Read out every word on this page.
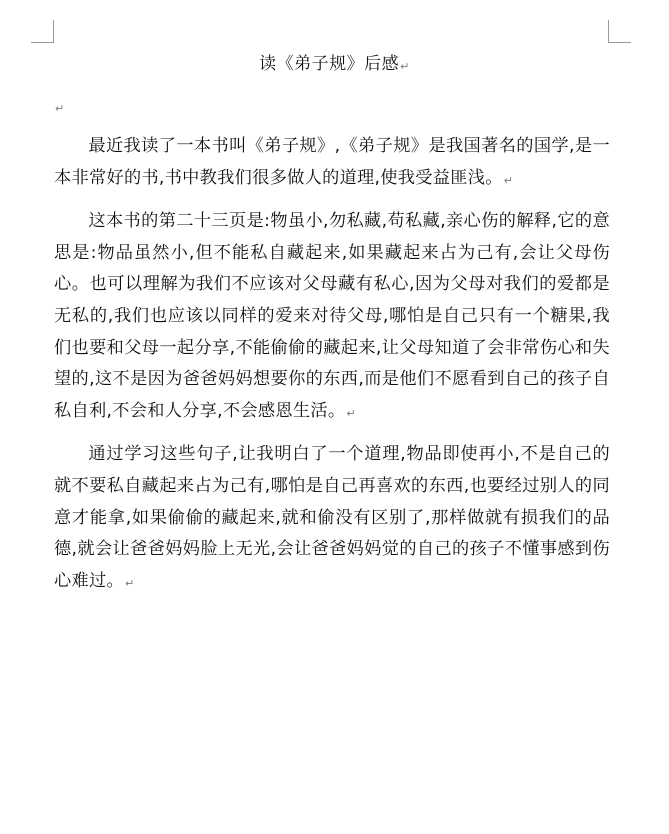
读《弟子规》后感↵
↵

最近我读了一本书叫《弟子规》,《弟子规》是我国著名的国学,是一本非常好的书,书中教我们很多做人的道理,使我受益匪浅。↵

这本书的第二十三页是:物虽小,勿私藏,苟私藏,亲心伤的解释,它的意思是:物品虽然小,但不能私自藏起来,如果藏起来占为己有,会让父母伤心。也可以理解为我们不应该对父母藏有私心,因为父母对我们的爱都是无私的,我们也应该以同样的爱来对待父母,哪怕是自己只有一个糖果,我们也要和父母一起分享,不能偷偷的藏起来,让父母知道了会非常伤心和失望的,这不是因为爸爸妈妈想要你的东西,而是他们不愿看到自己的孩子自私自利,不会和人分享,不会感恩生活。↵

通过学习这些句子,让我明白了一个道理,物品即使再小,不是自己的就不要私自藏起来占为己有,哪怕是自己再喜欢的东西,也要经过别人的同意才能拿,如果偷偷的藏起来,就和偷没有区别了,那样做就有损我们的品德,就会让爸爸妈妈脸上无光,会让爸爸妈妈觉的自己的孩子不懂事感到伤心难过。↵
